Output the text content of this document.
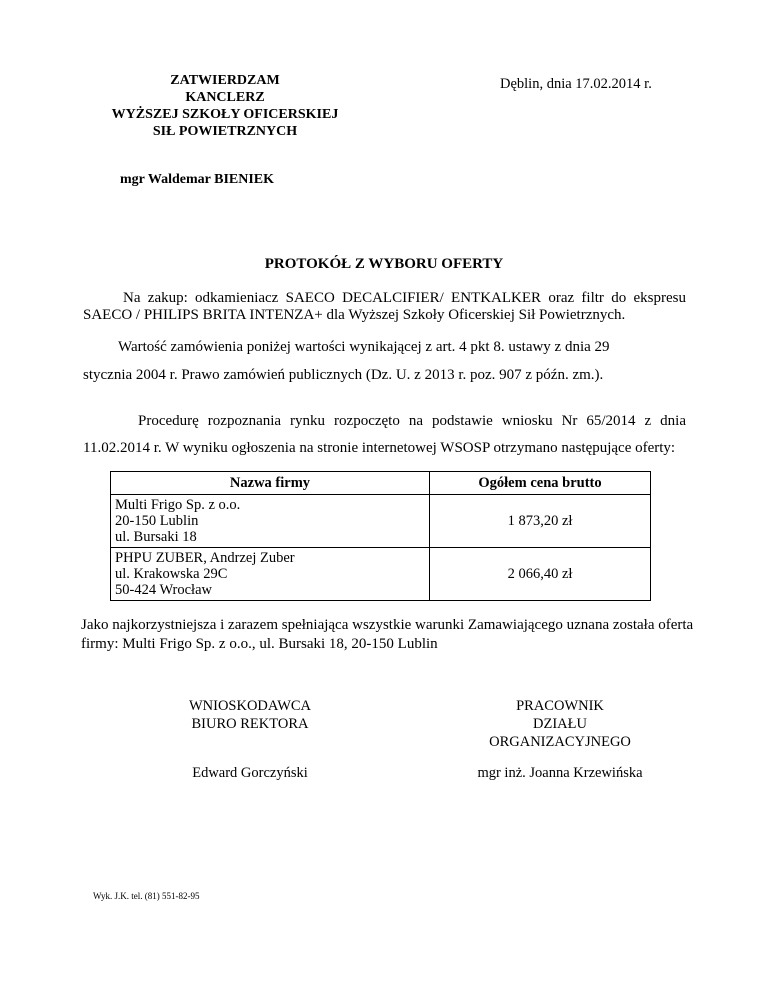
ZATWIERDZAM
KANCLERZ
WYŻSZEJ SZKOŁY OFICERSKIEJ
SIŁ POWIETRZNYCH
Dęblin, dnia 17.02.2014 r.
mgr Waldemar BIENIEK
PROTOKÓŁ Z WYBORU OFERTY
Na zakup: odkamieniacz SAECO DECALCIFIER/ ENTKALKER oraz filtr do ekspresu SAECO / PHILIPS BRITA INTENZA+ dla Wyższej Szkoły Oficerskiej Sił Powietrznych.
Wartość zamówienia poniżej wartości wynikającej z art. 4 pkt 8. ustawy z dnia 29
stycznia 2004 r. Prawo zamówień publicznych (Dz. U. z 2013 r. poz. 907 z późn. zm.).
Procedurę rozpoznania rynku rozpoczęto na podstawie wniosku Nr 65/2014 z dnia 11.02.2014 r. W wyniku ogłoszenia na stronie internetowej WSOSP otrzymano następujące oferty:
Nazwa firmy	Ogółem cena brutto

Multi Frigo Sp. z o.o.
20-150 Lublin
ul. Bursaki 18	1 873,20 zł

PHPU ZUBER, Andrzej Zuber
ul. Krakowska 29C
50-424 Wrocław	2 066,40 zł
Jako najkorzystniejsza i zarazem spełniająca wszystkie warunki Zamawiającego uznana została oferta firmy: Multi Frigo Sp. z o.o., ul. Bursaki 18, 20-150 Lublin
WNIOSKODAWCA
BIURO REKTORA
PRACOWNIK
DZIAŁU
ORGANIZACYJNEGO
Edward Gorczyński	mgr inż. Joanna Krzewińska
Wyk. J.K. tel. (81) 551-82-95
